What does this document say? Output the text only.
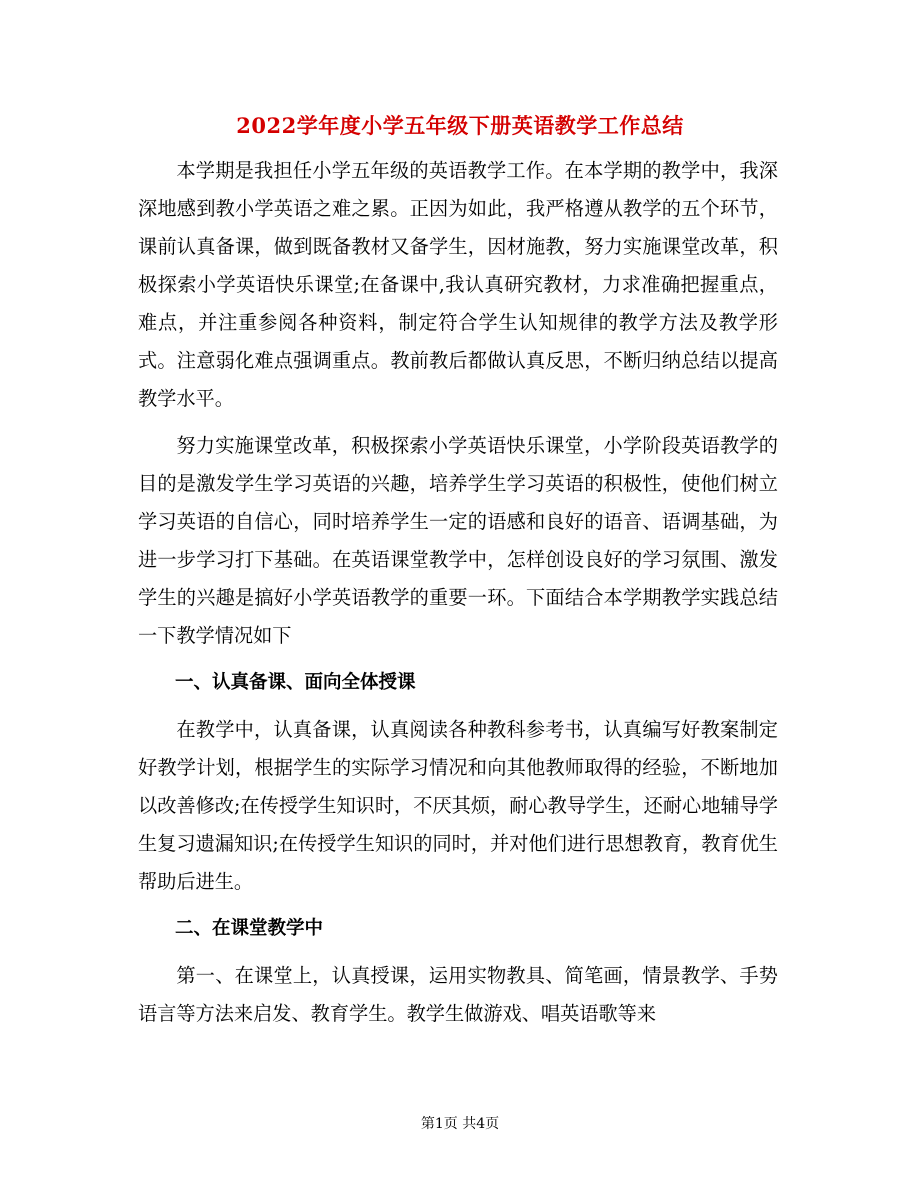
2022学年度小学五年级下册英语教学工作总结

本学期是我担任小学五年级的英语教学工作。在本学期的教学中，我深深地感到教小学英语之难之累。正因为如此，我严格遵从教学的五个环节，课前认真备课，做到既备教材又备学生，因材施教，努力实施课堂改革，积极探索小学英语快乐课堂;在备课中,我认真研究教材，力求准确把握重点，难点，并注重参阅各种资料，制定符合学生认知规律的教学方法及教学形式。注意弱化难点强调重点。教前教后都做认真反思，不断归纳总结以提高教学水平。

努力实施课堂改革，积极探索小学英语快乐课堂，小学阶段英语教学的目的是激发学生学习英语的兴趣，培养学生学习英语的积极性，使他们树立学习英语的自信心，同时培养学生一定的语感和良好的语音、语调基础，为进一步学习打下基础。在英语课堂教学中，怎样创设良好的学习氛围、激发学生的兴趣是搞好小学英语教学的重要一环。下面结合本学期教学实践总结一下教学情况如下

一、认真备课、面向全体授课

在教学中，认真备课，认真阅读各种教科参考书，认真编写好教案制定好教学计划，根据学生的实际学习情况和向其他教师取得的经验，不断地加以改善修改;在传授学生知识时，不厌其烦，耐心教导学生，还耐心地辅导学生复习遗漏知识;在传授学生知识的同时，并对他们进行思想教育，教育优生帮助后进生。

二、在课堂教学中

第一、在课堂上，认真授课，运用实物教具、简笔画，情景教学、手势语言等方法来启发、教育学生。教学生做游戏、唱英语歌等来

第1页 共4页
